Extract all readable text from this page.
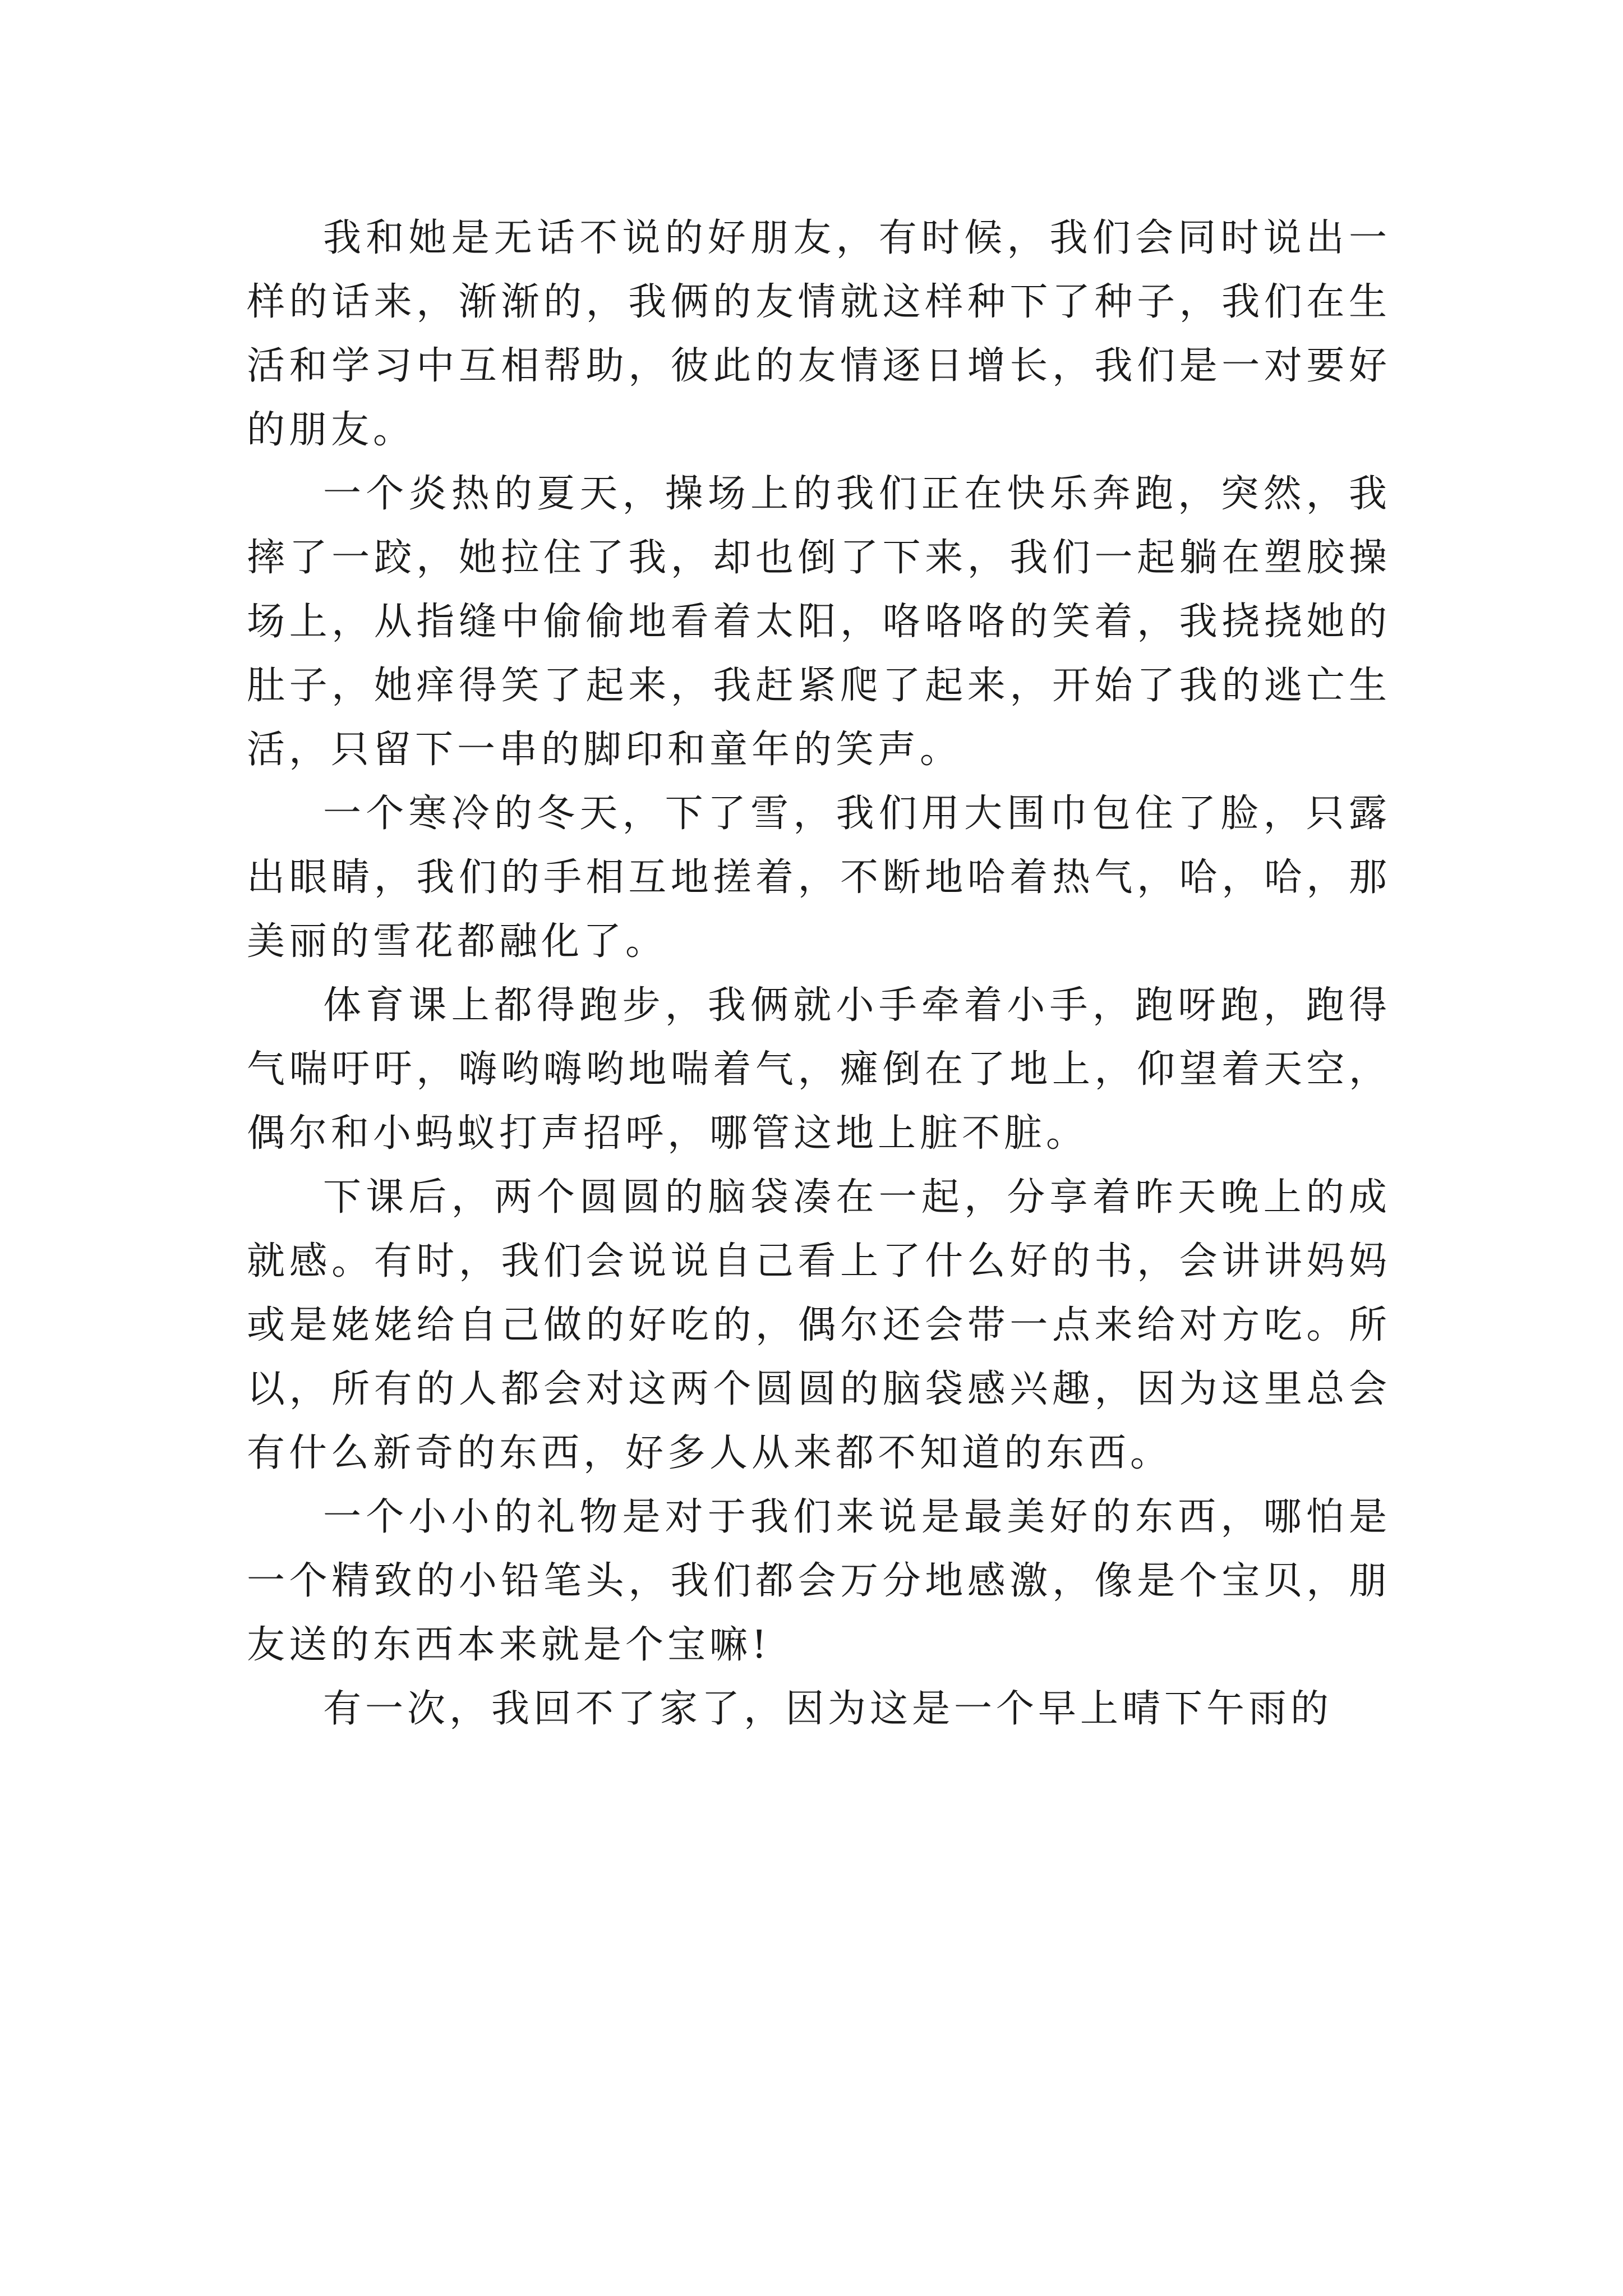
我和她是无话不说的好朋友，有时候，我们会同时说出一样的话来，渐渐的，我俩的友情就这样种下了种子，我们在生活和学习中互相帮助，彼此的友情逐日增长，我们是一对要好的朋友。

一个炎热的夏天，操场上的我们正在快乐奔跑，突然，我摔了一跤，她拉住了我，却也倒了下来，我们一起躺在塑胶操场上，从指缝中偷偷地看着太阳，咯咯咯的笑着，我挠挠她的肚子，她痒得笑了起来，我赶紧爬了起来，开始了我的逃亡生活，只留下一串的脚印和童年的笑声。

一个寒冷的冬天，下了雪，我们用大围巾包住了脸，只露出眼睛，我们的手相互地搓着，不断地哈着热气，哈，哈，那美丽的雪花都融化了。

体育课上都得跑步，我俩就小手牵着小手，跑呀跑，跑得气喘吁吁，嗨哟嗨哟地喘着气，瘫倒在了地上，仰望着天空，偶尔和小蚂蚁打声招呼，哪管这地上脏不脏。

下课后，两个圆圆的脑袋凑在一起，分享着昨天晚上的成就感。有时，我们会说说自己看上了什么好的书，会讲讲妈妈或是姥姥给自己做的好吃的，偶尔还会带一点来给对方吃。所以，所有的人都会对这两个圆圆的脑袋感兴趣，因为这里总会有什么新奇的东西，好多人从来都不知道的东西。

一个小小的礼物是对于我们来说是最美好的东西，哪怕是一个精致的小铅笔头，我们都会万分地感激，像是个宝贝，朋友送的东西本来就是个宝嘛!

有一次，我回不了家了，因为这是一个早上晴下午雨的
